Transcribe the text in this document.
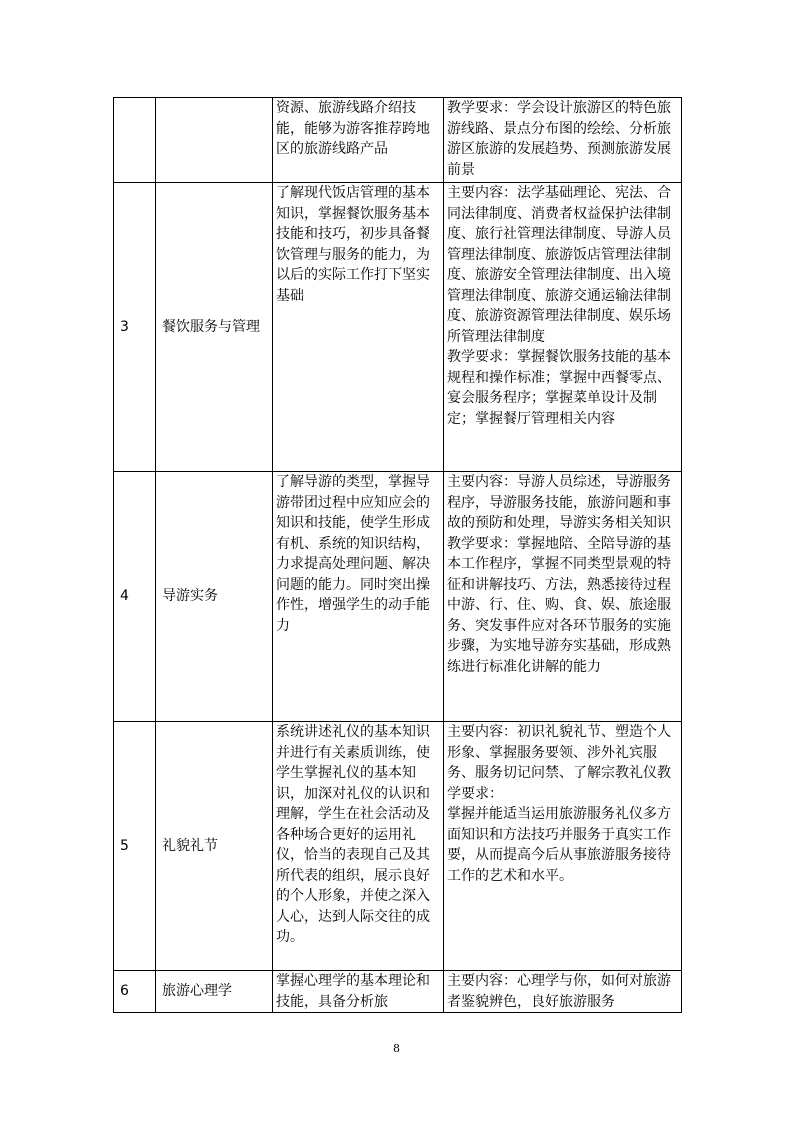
		资源、旅游线路介绍技能，能够为游客推荐跨地区的旅游线路产品	教学要求：学会设计旅游区的特色旅游线路、景点分布图的绘绘、分析旅游区旅游的发展趋势、预测旅游发展前景
3	餐饮服务与管理	了解现代饭店管理的基本知识，掌握餐饮服务基本技能和技巧，初步具备餐饮管理与服务的能力，为以后的实际工作打下坚实基础	主要内容：法学基础理论、宪法、合同法律制度、消费者权益保护法律制度、旅行社管理法律制度、导游人员管理法律制度、旅游饭店管理法律制度、旅游安全管理法律制度、出入境管理法律制度、旅游交通运输法律制度、旅游资源管理法律制度、娱乐场所管理法律制度
教学要求：掌握餐饮服务技能的基本规程和操作标准；掌握中西餐零点、宴会服务程序；掌握菜单设计及制定；掌握餐厅管理相关内容
4	导游实务	了解导游的类型，掌握导游带团过程中应知应会的知识和技能，使学生形成有机、系统的知识结构，力求提高处理问题、解决问题的能力。同时突出操作性，增强学生的动手能力	主要内容：导游人员综述，导游服务程序，导游服务技能，旅游问题和事故的预防和处理，导游实务相关知识
教学要求：掌握地陪、全陪导游的基本工作程序，掌握不同类型景观的特征和讲解技巧、方法，熟悉接待过程中游、行、住、购、食、娱、旅途服务、突发事件应对各环节服务的实施步骤，为实地导游夯实基础，形成熟练进行标准化讲解的能力
5	礼貌礼节	系统讲述礼仪的基本知识并进行有关素质训练，使学生掌握礼仪的基本知识，加深对礼仪的认识和理解，学生在社会活动及各种场合更好的运用礼仪，恰当的表现自己及其所代表的组织，展示良好的个人形象，并使之深入人心，达到人际交往的成功。	主要内容：初识礼貌礼节、塑造个人形象、掌握服务要领、涉外礼宾服务、服务切记问禁、了解宗教礼仪教学要求：
掌握并能适当运用旅游服务礼仪多方面知识和方法技巧并服务于真实工作要，从而提高今后从事旅游服务接待工作的艺术和水平。
6	旅游心理学	掌握心理学的基本理论和技能，具备分析旅	主要内容：心理学与你，如何对旅游者鉴貌辨色，良好旅游服务
8
